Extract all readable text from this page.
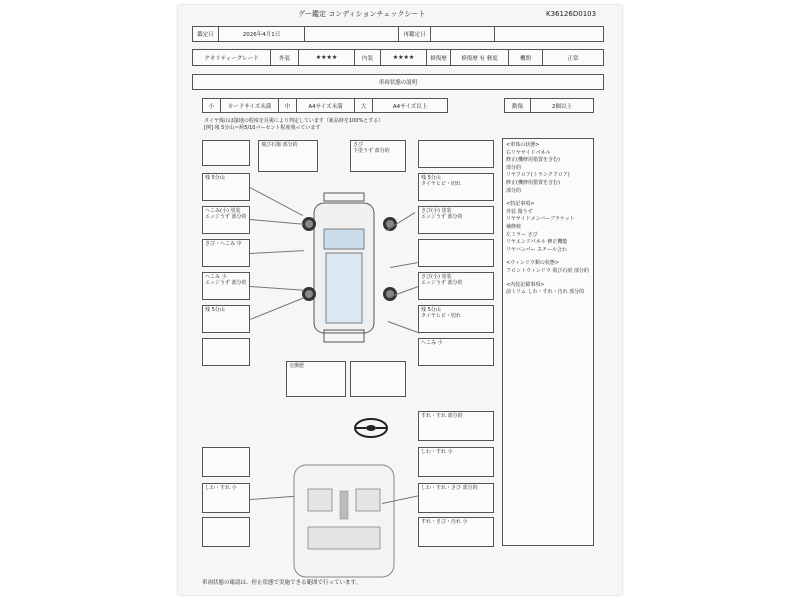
グー鑑定 コンディションチェックシート	K36126D0103
鑑定日	2026年4月1日	再鑑定日
クオリティーグレード	外装	★★★★	内装	★★★★	修復歴	修復歴 有 軽度	機関	正常
車両状態の説明
小	カードサイズ未満	中	A4サイズ未満	大	A4サイズ以上	動傷	2個以上
タイヤ残山は接地の程度を目視により判定しています（新品時を100%とする）
[例] 残 5分山＝約5/10パーセント程度残っています
残 5分山
へこみ(小) 塗装
エッジうず 部分的
さび・へこみ 中
へこみ 小
エッジうず 部分的
残 5分山
飛び石傷 部分的	さび
下塗うず 部分的
残 5分山
タイヤヒビ・切れ
さび(小) 塗装
エッジうず 部分的
さび(小) 塗装
エッジうず 部分的
残 5分山
タイヤヒビ・切れ
へこみ 小
交換歴
すれ・すれ 部分的
しわ・すれ 小
しわ・すれ・さび 部分的
すれ・さび・汚れ 小
しわ・すれ 小
<車体の状態>
右リヤサイドパネル
修正(機修用措置を含む)
部分的
リヤフロア(トランクフロア)
修正(機修用措置を含む)
部分的
<特記事項>
外装 傷うず
リヤサイドメンバーブラケット
補修痕
左ミラー さび
リヤエンドパネル 修正機能
リヤバンパー スチール合わ
<ウィンドウ類の状態>
フロントウィンドウ 飛び石痕 部分的
<内装記載事項>
前トリム しわ・すれ・汚れ 部分的
車両状態の確認は、停止状態で実施できる範囲で行っています。
